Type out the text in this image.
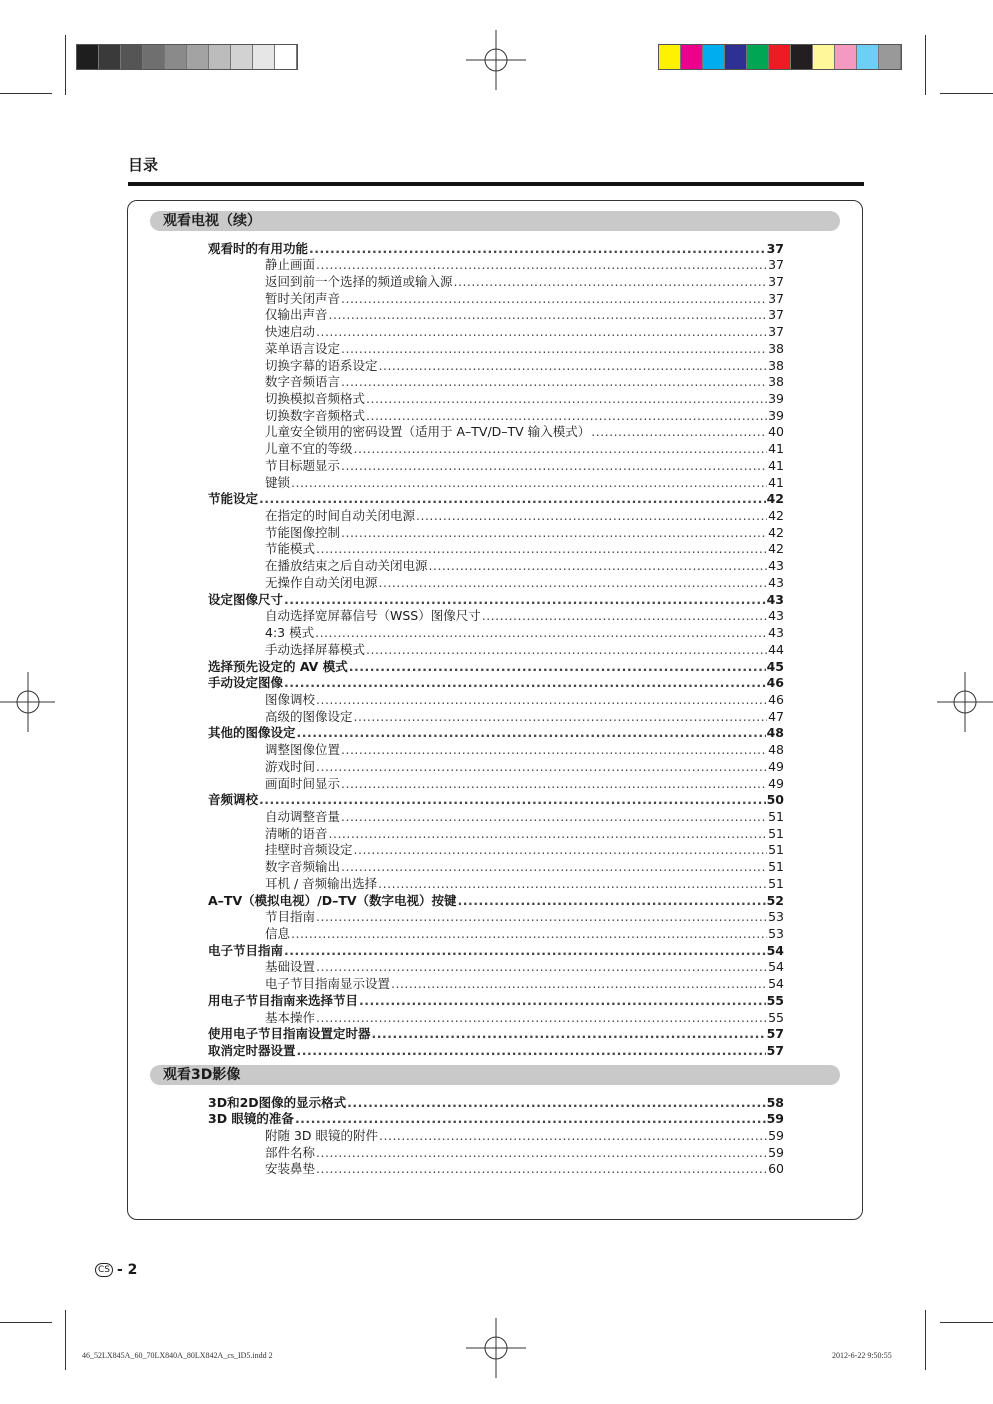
目录
观看电视（续）
观看3D影像
观看时的有用功能 .....	37
静止画面 .....	37
返回到前一个选择的频道或输入源 .....	37
暂时关闭声音 .....	37
仅输出声音 .....	37
快速启动 .....	37
菜单语言设定 .....	38
切换字幕的语系设定 .....	38
数字音频语言 .....	38
切换模拟音频格式 .....	39
切换数字音频格式 .....	39
儿童安全锁用的密码设置（适用于 A–TV/D–TV 输入模式） .....	40
儿童不宜的等级 .....	41
节目标题显示 .....	41
键锁 .....	41
节能设定 .....	42
在指定的时间自动关闭电源 .....	42
节能图像控制 .....	42
节能模式 .....	42
在播放结束之后自动关闭电源 .....	43
无操作自动关闭电源 .....	43
设定图像尺寸 .....	43
自动选择宽屏幕信号（WSS）图像尺寸 .....	43
4:3 模式 .....	43
手动选择屏幕模式 .....	44
选择预先设定的 AV 模式 .....	45
手动设定图像 .....	46
图像调校 .....	46
高级的图像设定 .....	47
其他的图像设定 .....	48
调整图像位置 .....	48
游戏时间 .....	49
画面时间显示 .....	49
音频调校 .....	50
自动调整音量 .....	51
清晰的语音 .....	51
挂壁时音频设定 .....	51
数字音频输出 .....	51
耳机 / 音频输出选择 .....	51
A–TV（模拟电视）/D–TV（数字电视）按键 .....	52
节目指南 .....	53
信息 .....	53
电子节目指南 .....	54
基础设置 .....	54
电子节目指南显示设置 .....	54
用电子节目指南来选择节目 .....	55
基本操作 .....	55
使用电子节目指南设置定时器 .....	57
取消定时器设置 .....	57
3D和2D图像的显示格式 .....	58
3D 眼镜的准备 .....	59
附随 3D 眼镜的附件 .....	59
部件名称 .....	59
安装鼻垫 .....	60
CS - 2
46_52LX845A_60_70LX840A_80LX842A_cs_ID5.indd 2	2012-6-22 9:50:55
